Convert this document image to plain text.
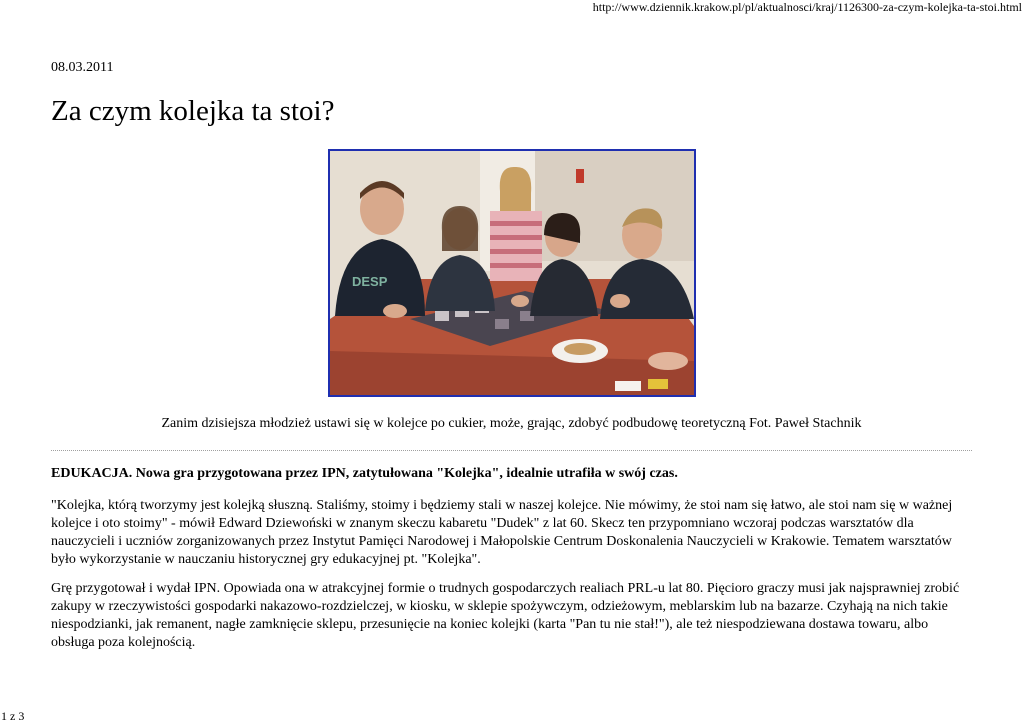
http://www.dziennik.krakow.pl/pl/aktualnosci/kraj/1126300-za-czym-kolejka-ta-stoi.html
08.03.2011
Za czym kolejka ta stoi?
DESP
Zanim dzisiejsza młodzież ustawi się w kolejce po cukier, może, grając, zdobyć podbudowę teoretyczną Fot. Paweł Stachnik
EDUKACJA. Nowa gra przygotowana przez IPN, zatytułowana "Kolejka", idealnie utrafiła w swój czas.

"Kolejka, którą tworzymy jest kolejką słuszną. Staliśmy, stoimy i będziemy stali w naszej kolejce. Nie mówimy, że stoi nam się łatwo, ale stoi nam się w ważnej kolejce i oto stoimy" - mówił Edward Dziewoński w znanym skeczu kabaretu "Dudek" z lat 60. Skecz ten przypomniano wczoraj podczas warsztatów dla nauczycieli i uczniów zorganizowanych przez Instytut Pamięci Narodowej i Małopolskie Centrum Doskonalenia Nauczycieli w Krakowie. Tematem warsztatów było wykorzystanie w nauczaniu historycznej gry edukacyjnej pt. "Kolejka".

Grę przygotował i wydał IPN. Opowiada ona w atrakcyjnej formie o trudnych gospodarczych realiach PRL-u lat 80. Pięcioro graczy musi jak najsprawniej zrobić zakupy w rzeczywistości gospodarki nakazowo-rozdzielczej, w kiosku, w sklepie spożywczym, odzieżowym, meblarskim lub na bazarze. Czyhają na nich takie niespodzianki, jak remanent, nagłe zamknięcie sklepu, przesunięcie na koniec kolejki (karta "Pan tu nie stał!"), ale też niespodziewana dostawa towaru, albo obsługa poza kolejnością.

1 z 3
